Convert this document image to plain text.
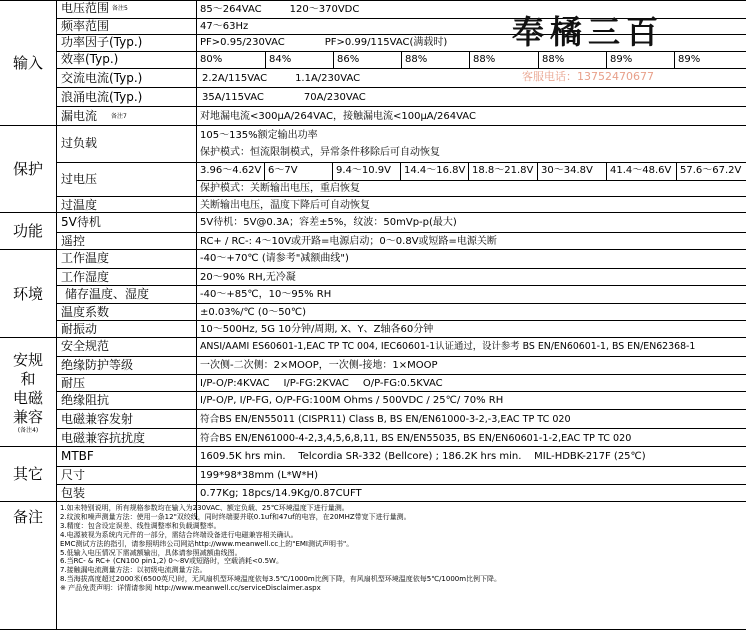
输入
电压范围 备注5	85～264VAC	120～370VDC
频率范围	47～63Hz
功率因子(Typ.)	PF>0.95/230VAC	PF>0.99/115VAC(满载时)
效率(Typ.)	80%	84%	86%	88%	88%	88%	89%	89%
交流电流(Typ.)	2.2A/115VAC	1.1A/230VAC
浪涌电流(Typ.)	35A/115VAC	70A/230VAC
漏电流 备注7	对地漏电流<300μA/264VAC，接触漏电流<100μA/264VAC
保护
过负载
105～135%额定输出功率
保护模式：恒流限制模式，异常条件移除后可自动恢复
过电压
3.96～4.62V 6～7V	9.4～10.9V	14.4～16.8V 18.8～21.8V 30～34.8V	41.4～48.6V 57.6～67.2V
保护模式：关断输出电压，重启恢复
过温度	关断输出电压，温度下降后可自动恢复
功能	5V待机	5V待机：5V@0.3A；容差±5%，纹波：50mVp-p(最大)
遥控	RC+ / RC-: 4～10V或开路=电源启动；0～0.8V或短路=电源关断
环境
工作温度	-40～+70℃ (请参考"减额曲线")
工作湿度	20～90% RH,无冷凝
储存温度、湿度	-40～+85℃，10～95% RH
温度系数	±0.03%/℃ (0～50℃)
耐振动	10～500Hz, 5G 10分钟/周期, X、Y、Z轴各60分钟
安规
和
电磁
兼容
(备注4)
安全规范	ANSI/AAMI ES60601-1,EAC TP TC 004, IEC60601-1认证通过，设计参考 BS EN/EN60601-1, BS EN/EN62368-1
绝缘防护等级	一次侧-二次侧：2×MOOP，一次侧-接地：1×MOOP
耐压	I/P-O/P:4KVAC I/P-FG:2KVAC O/P-FG:0.5KVAC
绝缘阻抗	I/P-O/P, I/P-FG, O/P-FG:100M Ohms / 500VDC / 25℃/ 70% RH
电磁兼容发射	符合BS EN/EN55011 (CISPR11) Class B, BS EN/EN61000-3-2,-3,EAC TP TC 020
电磁兼容抗扰度	符合BS EN/EN61000-4-2,3,4,5,6,8,11, BS EN/EN55035, BS EN/EN60601-1-2,EAC TP TC 020
其它
MTBF	1609.5K hrs min.    Telcordia SR-332 (Bellcore) ; 186.2K hrs min.    MIL-HDBK-217F (25℃)
尺寸	199*98*38mm (L*W*H)
包装	0.77Kg; 18pcs/14.9Kg/0.87CUFT
备注	1.如未特别说明，所有规格参数均在输入为230VAC、额定负载、25℃环境温度下进行量测。
2.纹波和噪声测量方法：使用一条12"双绞线，同时终端要并联0.1uf和47uf的电容，在20MHZ带宽下进行量测。
3.精度：包含设定误差、线性调整率和负载调整率。
4.电源被视为系统内元件的一部分，需结合终端设备进行电磁兼容相关确认。
EMC测试方法的指引，请参照明纬公司网站http://www.meanwell.cc上的"EMI测试声明书"。
5.低输入电压情况下需减额输出，具体请参照减额曲线图。
6.当RC- & RC+ (CN100 pin1,2) 0～8V或短路时，空载消耗<0.5W。
7.接触漏电流测量方法：以初级电流测量方法。
8.当海拔高度超过2000米(6500英尺)时，无风扇机型环境温度依每3.5℃/1000m比例下降，有风扇机型环境温度依每5℃/1000m比例下降。
※ 产品免责声明：详情请参阅 http://www.meanwell.cc/serviceDisclaimer.aspx
奉橘三百
客服电话：13752470677
